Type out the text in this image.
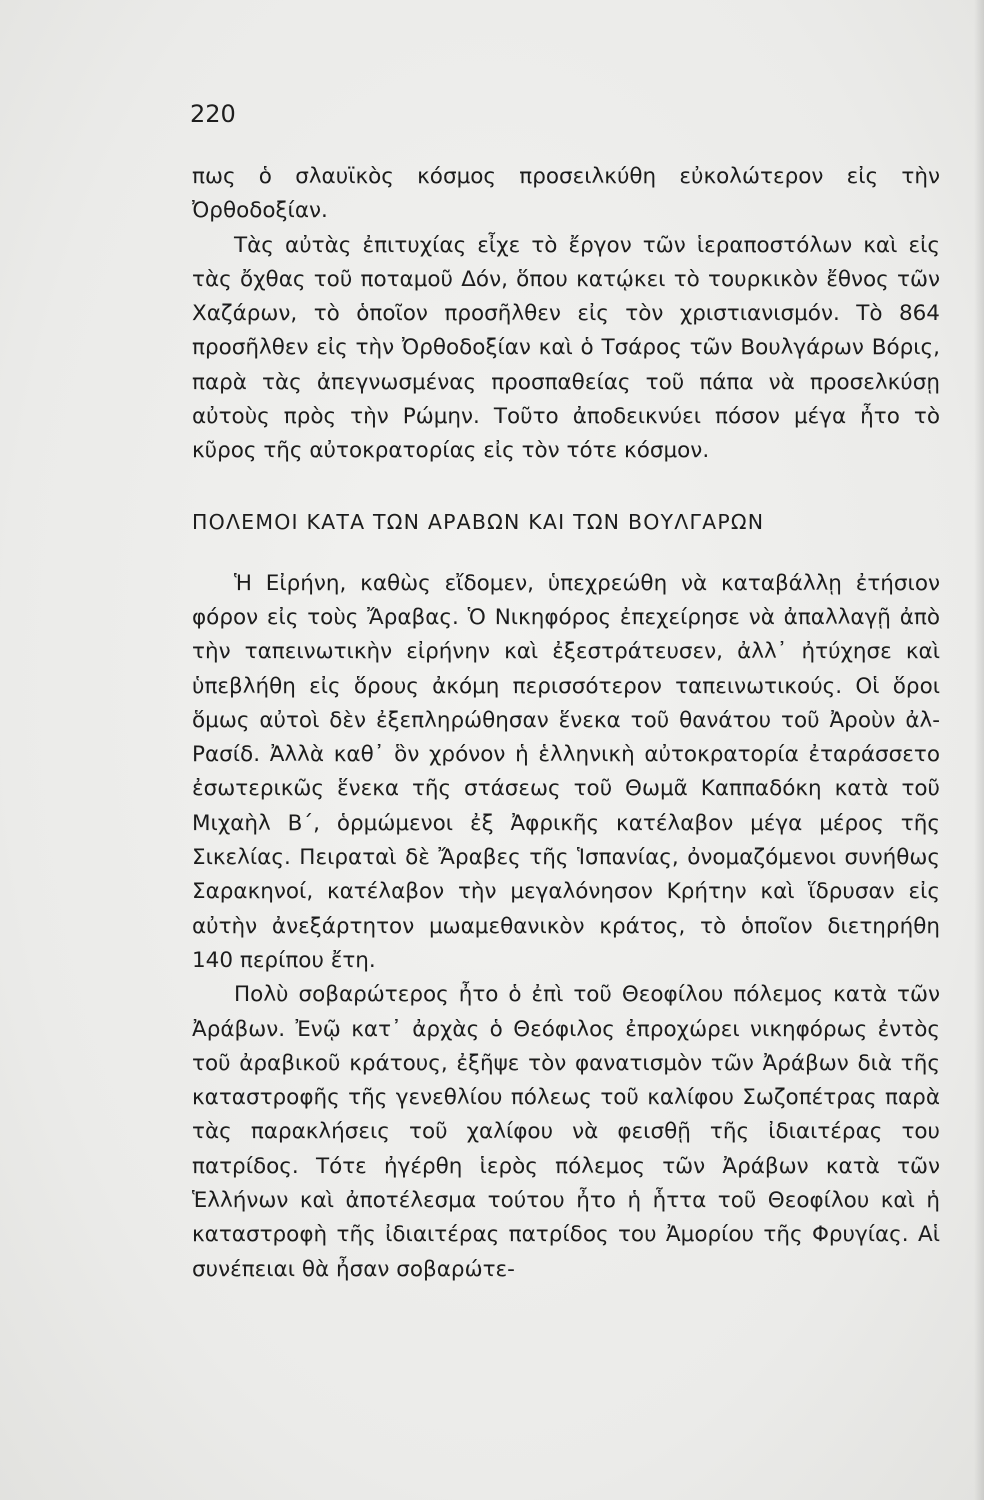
220

πως ὁ σλαυϊκὸς κόσμος προσειλκύθη εὐκολώτερον εἰς τὴν Ὀρθοδοξίαν.

Τὰς αὐτὰς ἐπιτυχίας εἶχε τὸ ἔργον τῶν ἱεραποστόλων καὶ εἰς τὰς ὄχθας τοῦ ποταμοῦ Δόν, ὅπου κατῴκει τὸ τουρκικὸν ἔθνος τῶν Χαζάρων, τὸ ὁποῖον προσῆλθεν εἰς τὸν χριστιανισμόν. Τὸ 864 προσῆλθεν εἰς τὴν Ὀρθοδοξίαν καὶ ὁ Τσάρος τῶν Βουλγάρων Βόρις, παρὰ τὰς ἀπεγνωσμένας προσπαθείας τοῦ πάπα νὰ προσελκύσῃ αὐτοὺς πρὸς τὴν Ρώμην. Τοῦτο ἀποδεικνύει πόσον μέγα ἦτο τὸ κῦρος τῆς αὐτοκρατορίας εἰς τὸν τότε κόσμον.

ΠΟΛΕΜΟΙ ΚΑΤΑ ΤΩΝ ΑΡΑΒΩΝ ΚΑΙ ΤΩΝ ΒΟΥΛΓΑΡΩΝ

Ἡ Εἰρήνη, καθὼς εἴδομεν, ὑπεχρεώθη νὰ καταβάλλῃ ἐτήσιον φόρον εἰς τοὺς Ἄραβας. Ὁ Νικηφόρος ἐπεχείρησε νὰ ἀπαλλαγῇ ἀπὸ τὴν ταπεινωτικὴν εἰρήνην καὶ ἐξεστράτευσεν, ἀλλ᾽ ἠτύχησε καὶ ὑπεβλήθη εἰς ὅρους ἀκόμη περισσότερον ταπεινωτικούς. Οἱ ὅροι ὅμως αὐτοὶ δὲν ἐξεπληρώθησαν ἕνεκα τοῦ θανάτου τοῦ Ἀροὺν ἀλ-Ρασίδ. Ἀλλὰ καθ᾽ ὃν χρόνον ἡ ἑλληνικὴ αὐτοκρατορία ἐταράσσετο ἐσωτερικῶς ἕνεκα τῆς στάσεως τοῦ Θωμᾶ Καππαδόκη κατὰ τοῦ Μιχαὴλ Β΄, ὁρμώμενοι ἐξ Ἀφρικῆς κατέλαβον μέγα μέρος τῆς Σικελίας. Πειραταὶ δὲ Ἄραβες τῆς Ἱσπανίας, ὀνομαζόμενοι συνήθως Σαρακηνοί, κατέλαβον τὴν μεγαλόνησον Κρήτην καὶ ἵδρυσαν εἰς αὐτὴν ἀνεξάρτητον μωαμεθανικὸν κράτος, τὸ ὁποῖον διετηρήθη 140 περίπου ἔτη.

Πολὺ σοβαρώτερος ἦτο ὁ ἐπὶ τοῦ Θεοφίλου πόλεμος κατὰ τῶν Ἀράβων. Ἐνῷ κατ᾽ ἀρχὰς ὁ Θεόφιλος ἐπροχώρει νικηφόρως ἐντὸς τοῦ ἀραβικοῦ κράτους, ἐξῆψε τὸν φανατισμὸν τῶν Ἀράβων διὰ τῆς καταστροφῆς τῆς γενεθλίου πόλεως τοῦ καλίφου Σωζοπέτρας παρὰ τὰς παρακλήσεις τοῦ χαλίφου νὰ φεισθῇ τῆς ἰδιαιτέρας του πατρίδος. Τότε ἠγέρθη ἱερὸς πόλεμος τῶν Ἀράβων κατὰ τῶν Ἑλλήνων καὶ ἀποτέλεσμα τούτου ἦτο ἡ ἧττα τοῦ Θεοφίλου καὶ ἡ καταστροφὴ τῆς ἰδιαιτέρας πατρίδος του Ἀμορίου τῆς Φρυγίας. Αἱ συνέπειαι θὰ ἦσαν σοβαρώτε-
